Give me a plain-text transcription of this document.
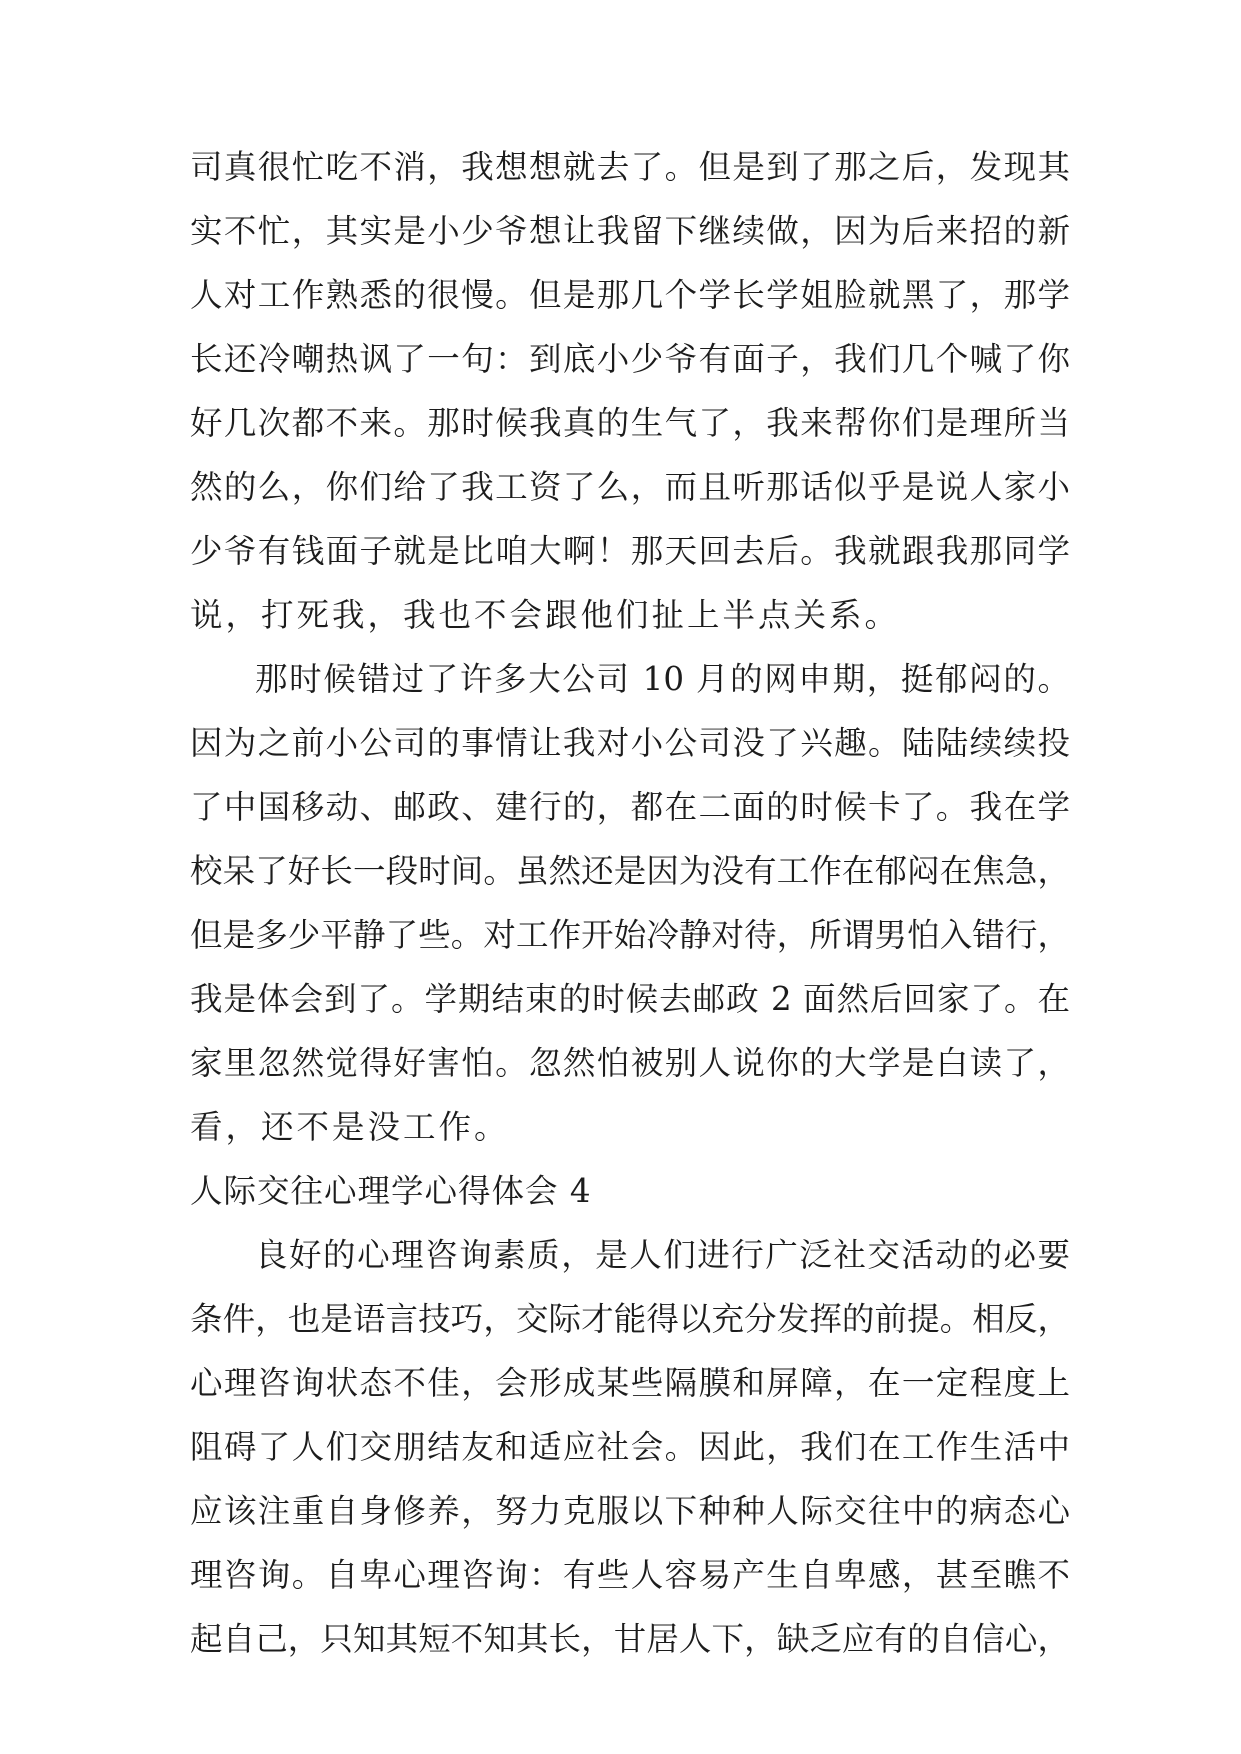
司真很忙吃不消，我想想就去了。但是到了那之后，发现其
实不忙，其实是小少爷想让我留下继续做，因为后来招的新
人对工作熟悉的很慢。但是那几个学长学姐脸就黑了，那学
长还冷嘲热讽了一句：到底小少爷有面子，我们几个喊了你
好几次都不来。那时候我真的生气了，我来帮你们是理所当
然的么，你们给了我工资了么，而且听那话似乎是说人家小
少爷有钱面子就是比咱大啊！那天回去后。我就跟我那同学
说，打死我，我也不会跟他们扯上半点关系。
那时候错过了许多大公司 10 月的网申期，挺郁闷的。
因为之前小公司的事情让我对小公司没了兴趣。陆陆续续投
了中国移动、邮政、建行的，都在二面的时候卡了。我在学
校呆了好长一段时间。虽然还是因为没有工作在郁闷在焦急，
但是多少平静了些。对工作开始冷静对待，所谓男怕入错行，
我是体会到了。学期结束的时候去邮政 2 面然后回家了。在
家里忽然觉得好害怕。忽然怕被别人说你的大学是白读了，
看，还不是没工作。
人际交往心理学心得体会 4
良好的心理咨询素质，是人们进行广泛社交活动的必要
条件，也是语言技巧，交际才能得以充分发挥的前提。相反，
心理咨询状态不佳，会形成某些隔膜和屏障，在一定程度上
阻碍了人们交朋结友和适应社会。因此，我们在工作生活中
应该注重自身修养，努力克服以下种种人际交往中的病态心
理咨询。自卑心理咨询：有些人容易产生自卑感，甚至瞧不
起自己，只知其短不知其长，甘居人下，缺乏应有的自信心，
